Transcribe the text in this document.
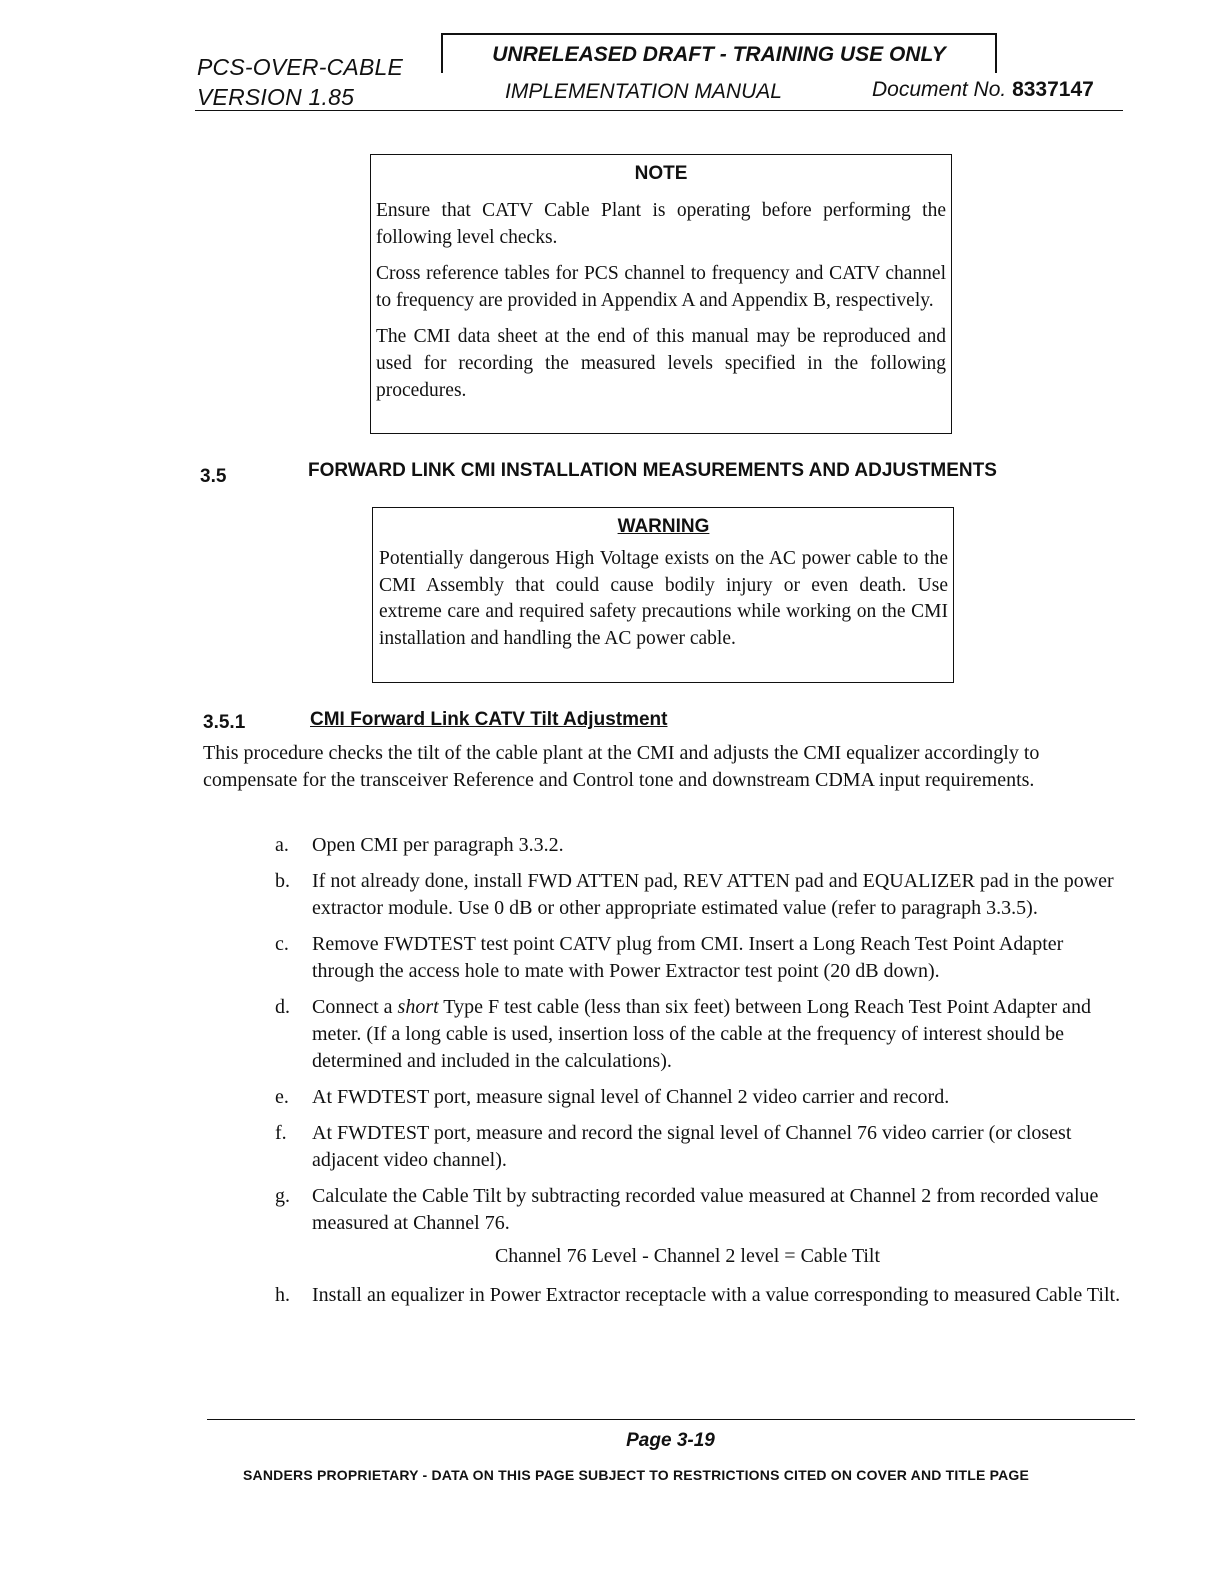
PCS-OVER-CABLE
VERSION 1.85
UNRELEASED DRAFT - TRAINING USE ONLY
IMPLEMENTATION MANUAL	Document No. 8337147
NOTE

Ensure that CATV Cable Plant is operating before performing the following level checks.

Cross reference tables for PCS channel to frequency and CATV channel to frequency are provided in Appendix A and Appendix B, respectively.

The CMI data sheet at the end of this manual may be reproduced and used for recording the measured levels specified in the following procedures.

3.5	FORWARD LINK CMI INSTALLATION MEASUREMENTS AND ADJUSTMENTS
WARNING

Potentially dangerous High Voltage exists on the AC power cable to the CMI Assembly that could cause bodily injury or even death. Use extreme care and required safety precautions while working on the CMI installation and handling the AC power cable.

3.5.1	CMI Forward Link CATV Tilt Adjustment

This procedure checks the tilt of the cable plant at the CMI and adjusts the CMI equalizer accordingly to compensate for the transceiver Reference and Control tone and downstream CDMA input requirements.

a. Open CMI per paragraph 3.3.2.
b. If not already done, install FWD ATTEN pad, REV ATTEN pad and EQUALIZER pad in the power extractor module. Use 0 dB or other appropriate estimated value (refer to paragraph 3.3.5).
c. Remove FWDTEST test point CATV plug from CMI. Insert a Long Reach Test Point Adapter through the access hole to mate with Power Extractor test point (20 dB down).
d. Connect a short Type F test cable (less than six feet) between Long Reach Test Point Adapter and meter. (If a long cable is used, insertion loss of the cable at the frequency of interest should be determined and included in the calculations).
e. At FWDTEST port, measure signal level of Channel 2 video carrier and record.
f. At FWDTEST port, measure and record the signal level of Channel 76 video carrier (or closest adjacent video channel).
g. Calculate the Cable Tilt by subtracting recorded value measured at Channel 2 from recorded value measured at Channel 76.
Channel 76 Level - Channel 2 level = Cable Tilt
h. Install an equalizer in Power Extractor receptacle with a value corresponding to measured Cable Tilt.
Page 3-19
SANDERS PROPRIETARY - DATA ON THIS PAGE SUBJECT TO RESTRICTIONS CITED ON COVER AND TITLE PAGE
